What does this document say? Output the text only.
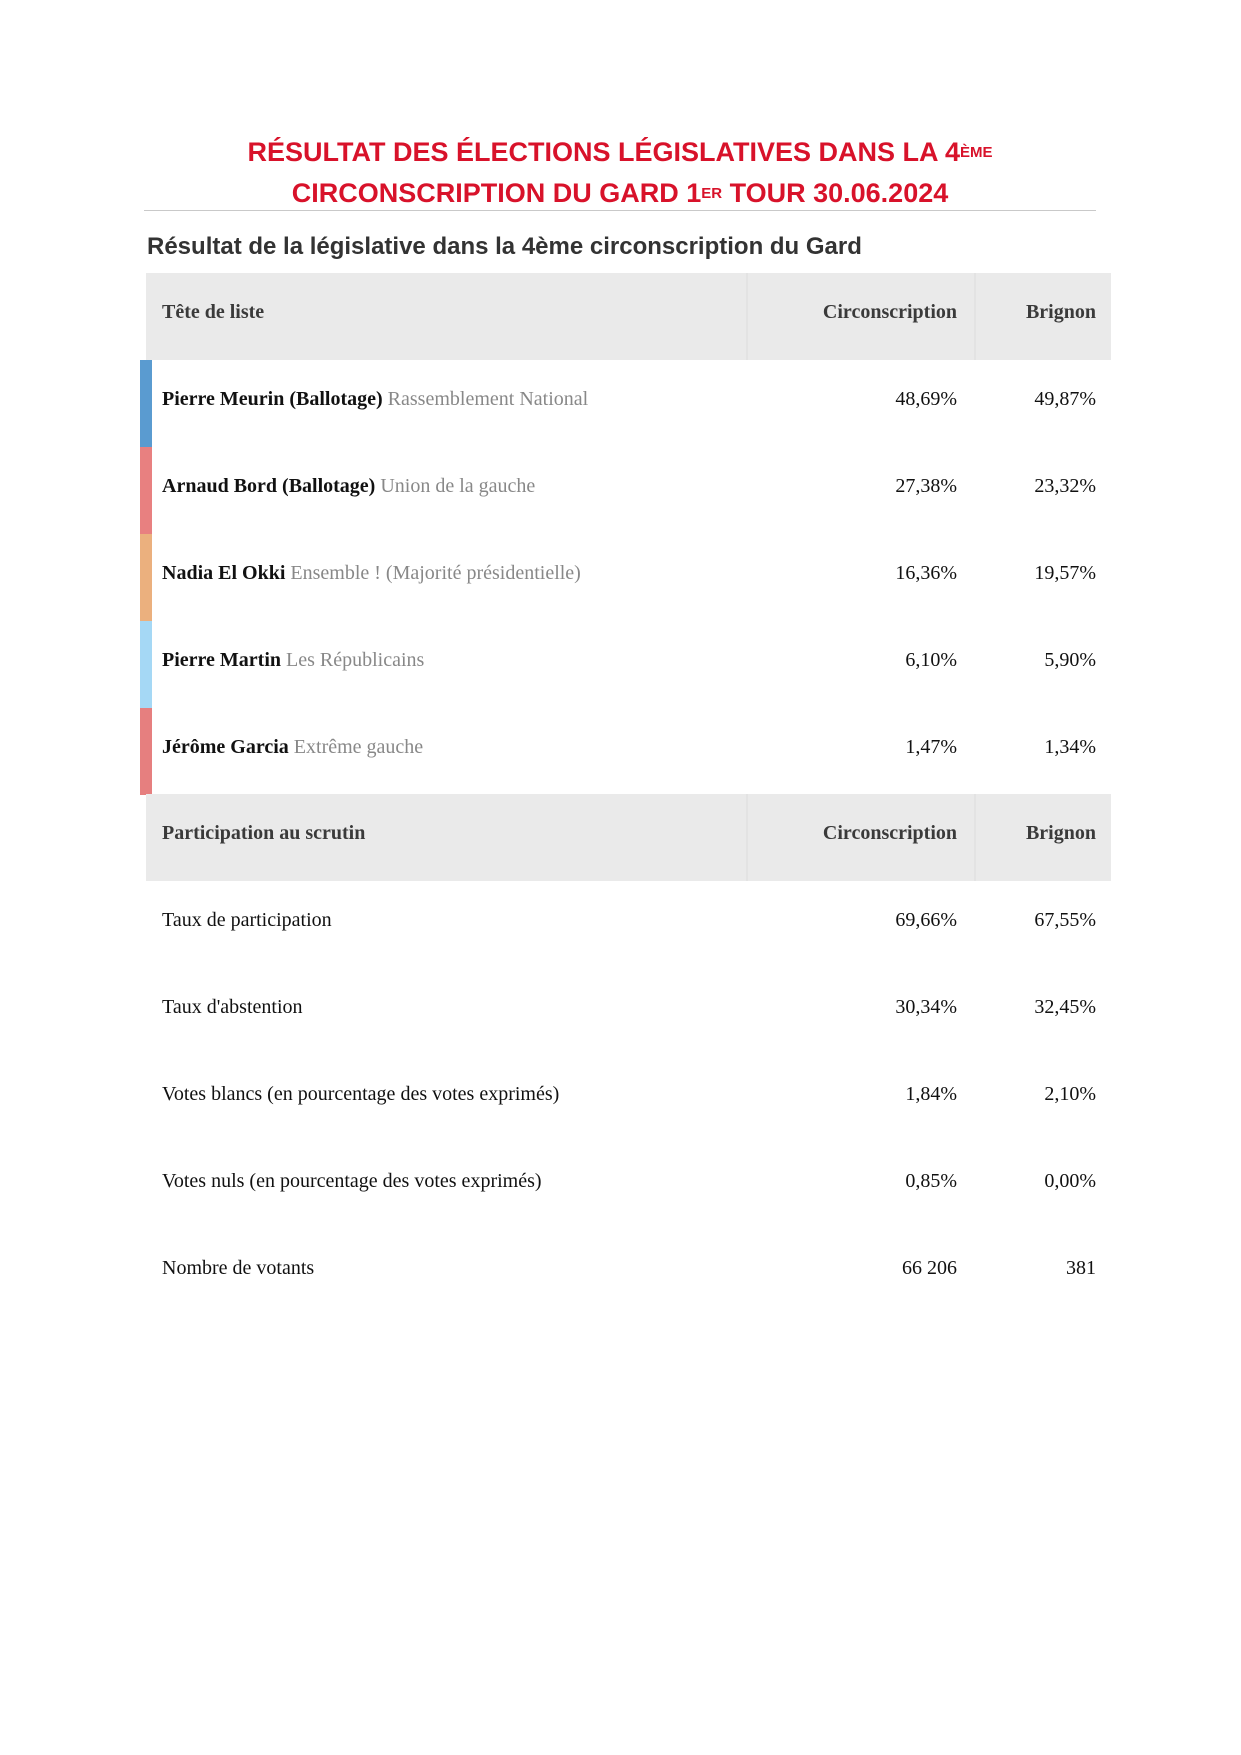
RÉSULTAT DES ÉLECTIONS LÉGISLATIVES DANS LA 4ÈME
CIRCONSCRIPTION DU GARD 1ER TOUR 30.06.2024
Résultat de la législative dans la 4ème circonscription du Gard
Tête de liste	Circonscription	Brignon
Pierre Meurin (Ballotage) Rassemblement National	48,69%	49,87%
Arnaud Bord (Ballotage) Union de la gauche	27,38%	23,32%
Nadia El Okki Ensemble ! (Majorité présidentielle)	16,36%	19,57%
Pierre Martin Les Républicains	6,10%	5,90%
Jérôme Garcia Extrême gauche	1,47%	1,34%
Participation au scrutin	Circonscription	Brignon
Taux de participation	69,66%	67,55%
Taux d'abstention	30,34%	32,45%
Votes blancs (en pourcentage des votes exprimés)	1,84%	2,10%
Votes nuls (en pourcentage des votes exprimés)	0,85%	0,00%
Nombre de votants	66 206	381
